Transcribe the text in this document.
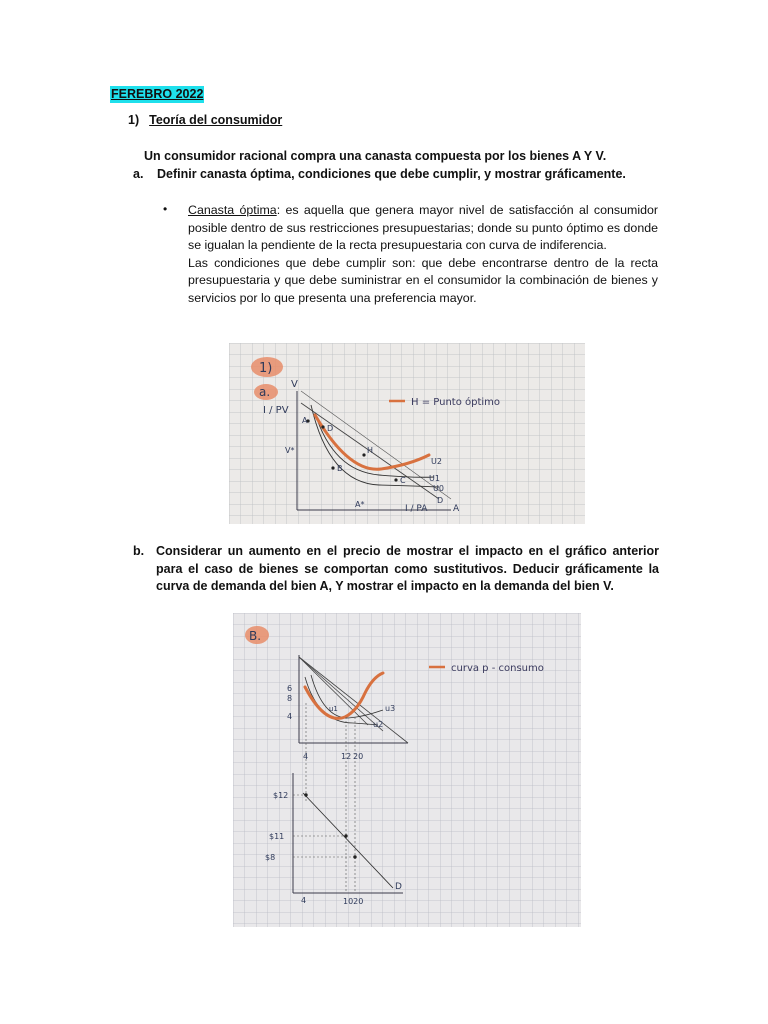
FEREBRO 2022
1) Teoría del consumidor
Un consumidor racional compra una canasta compuesta por los bienes A Y V.
a. Definir canasta óptima, condiciones que debe cumplir, y mostrar gráficamente.
• Canasta óptima: es aquella que genera mayor nivel de satisfacción al consumidor posible dentro de sus restricciones presupuestarias; donde su punto óptimo es donde se igualan la pendiente de la recta presupuestaria con curva de indiferencia.

Las condiciones que debe cumplir son: que debe encontrarse dentro de la recta presupuestaria y que debe suministrar en el consumidor la combinación de bienes y servicios por lo que presenta una preferencia mayor.

1)
a.
V
I / PV
V*
A*	I / PA	A
A
D
B
H
C
U2
U1
U0
D
H = Punto óptimo
b. Considerar un aumento en el precio de mostrar el impacto en el gráfico anterior para el caso de bienes se comportan como sustitutivos. Deducir gráficamente la curva de demanda del bien A, Y mostrar el impacto en la demanda del bien V.
B.
6
8
4
4	12 20
u3
u2
u1
curva p - consumo
$12
$11
$8
D
4	1020
